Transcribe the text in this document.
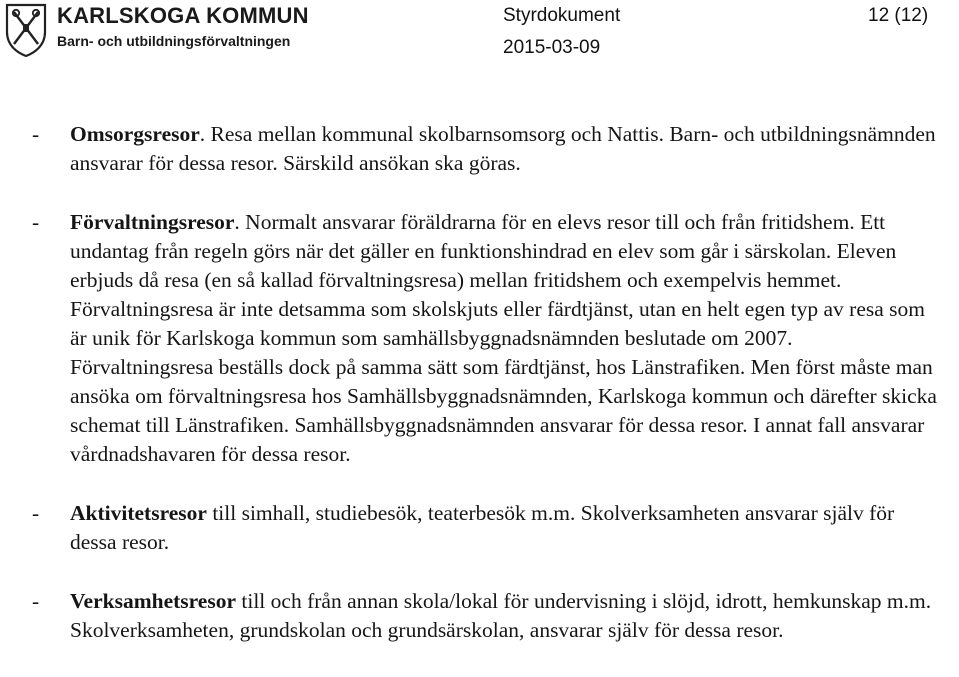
KARLSKOGA KOMMUN
Barn- och utbildningsförvaltningen
Styrdokument
2015-03-09
12 (12)
- Omsorgsresor. Resa mellan kommunal skolbarnsomsorg och Nattis. Barn- och utbildningsnämnden ansvarar för dessa resor. Särskild ansökan ska göras.
- Förvaltningsresor. Normalt ansvarar föräldrarna för en elevs resor till och från fritidshem. Ett undantag från regeln görs när det gäller en funktionshindrad en elev som går i särskolan. Eleven erbjuds då resa (en så kallad förvaltningsresa) mellan fritidshem och exempelvis hemmet. Förvaltningsresa är inte detsamma som skolskjuts eller färdtjänst, utan en helt egen typ av resa som är unik för Karlskoga kommun som samhällsbyggnadsnämnden beslutade om 2007. Förvaltningsresa beställs dock på samma sätt som färdtjänst, hos Länstrafiken. Men först måste man ansöka om förvaltningsresa hos Samhällsbyggnadsnämnden, Karlskoga kommun och därefter skicka schemat till Länstrafiken. Samhällsbyggnadsnämnden ansvarar för dessa resor. I annat fall ansvarar vårdnadshavaren för dessa resor.
- Aktivitetsresor till simhall, studiebesök, teaterbesök m.m. Skolverksamheten ansvarar själv för dessa resor.
- Verksamhetsresor till och från annan skola/lokal för undervisning i slöjd, idrott, hemkunskap m.m. Skolverksamheten, grundskolan och grundsärskolan, ansvarar själv för dessa resor.
